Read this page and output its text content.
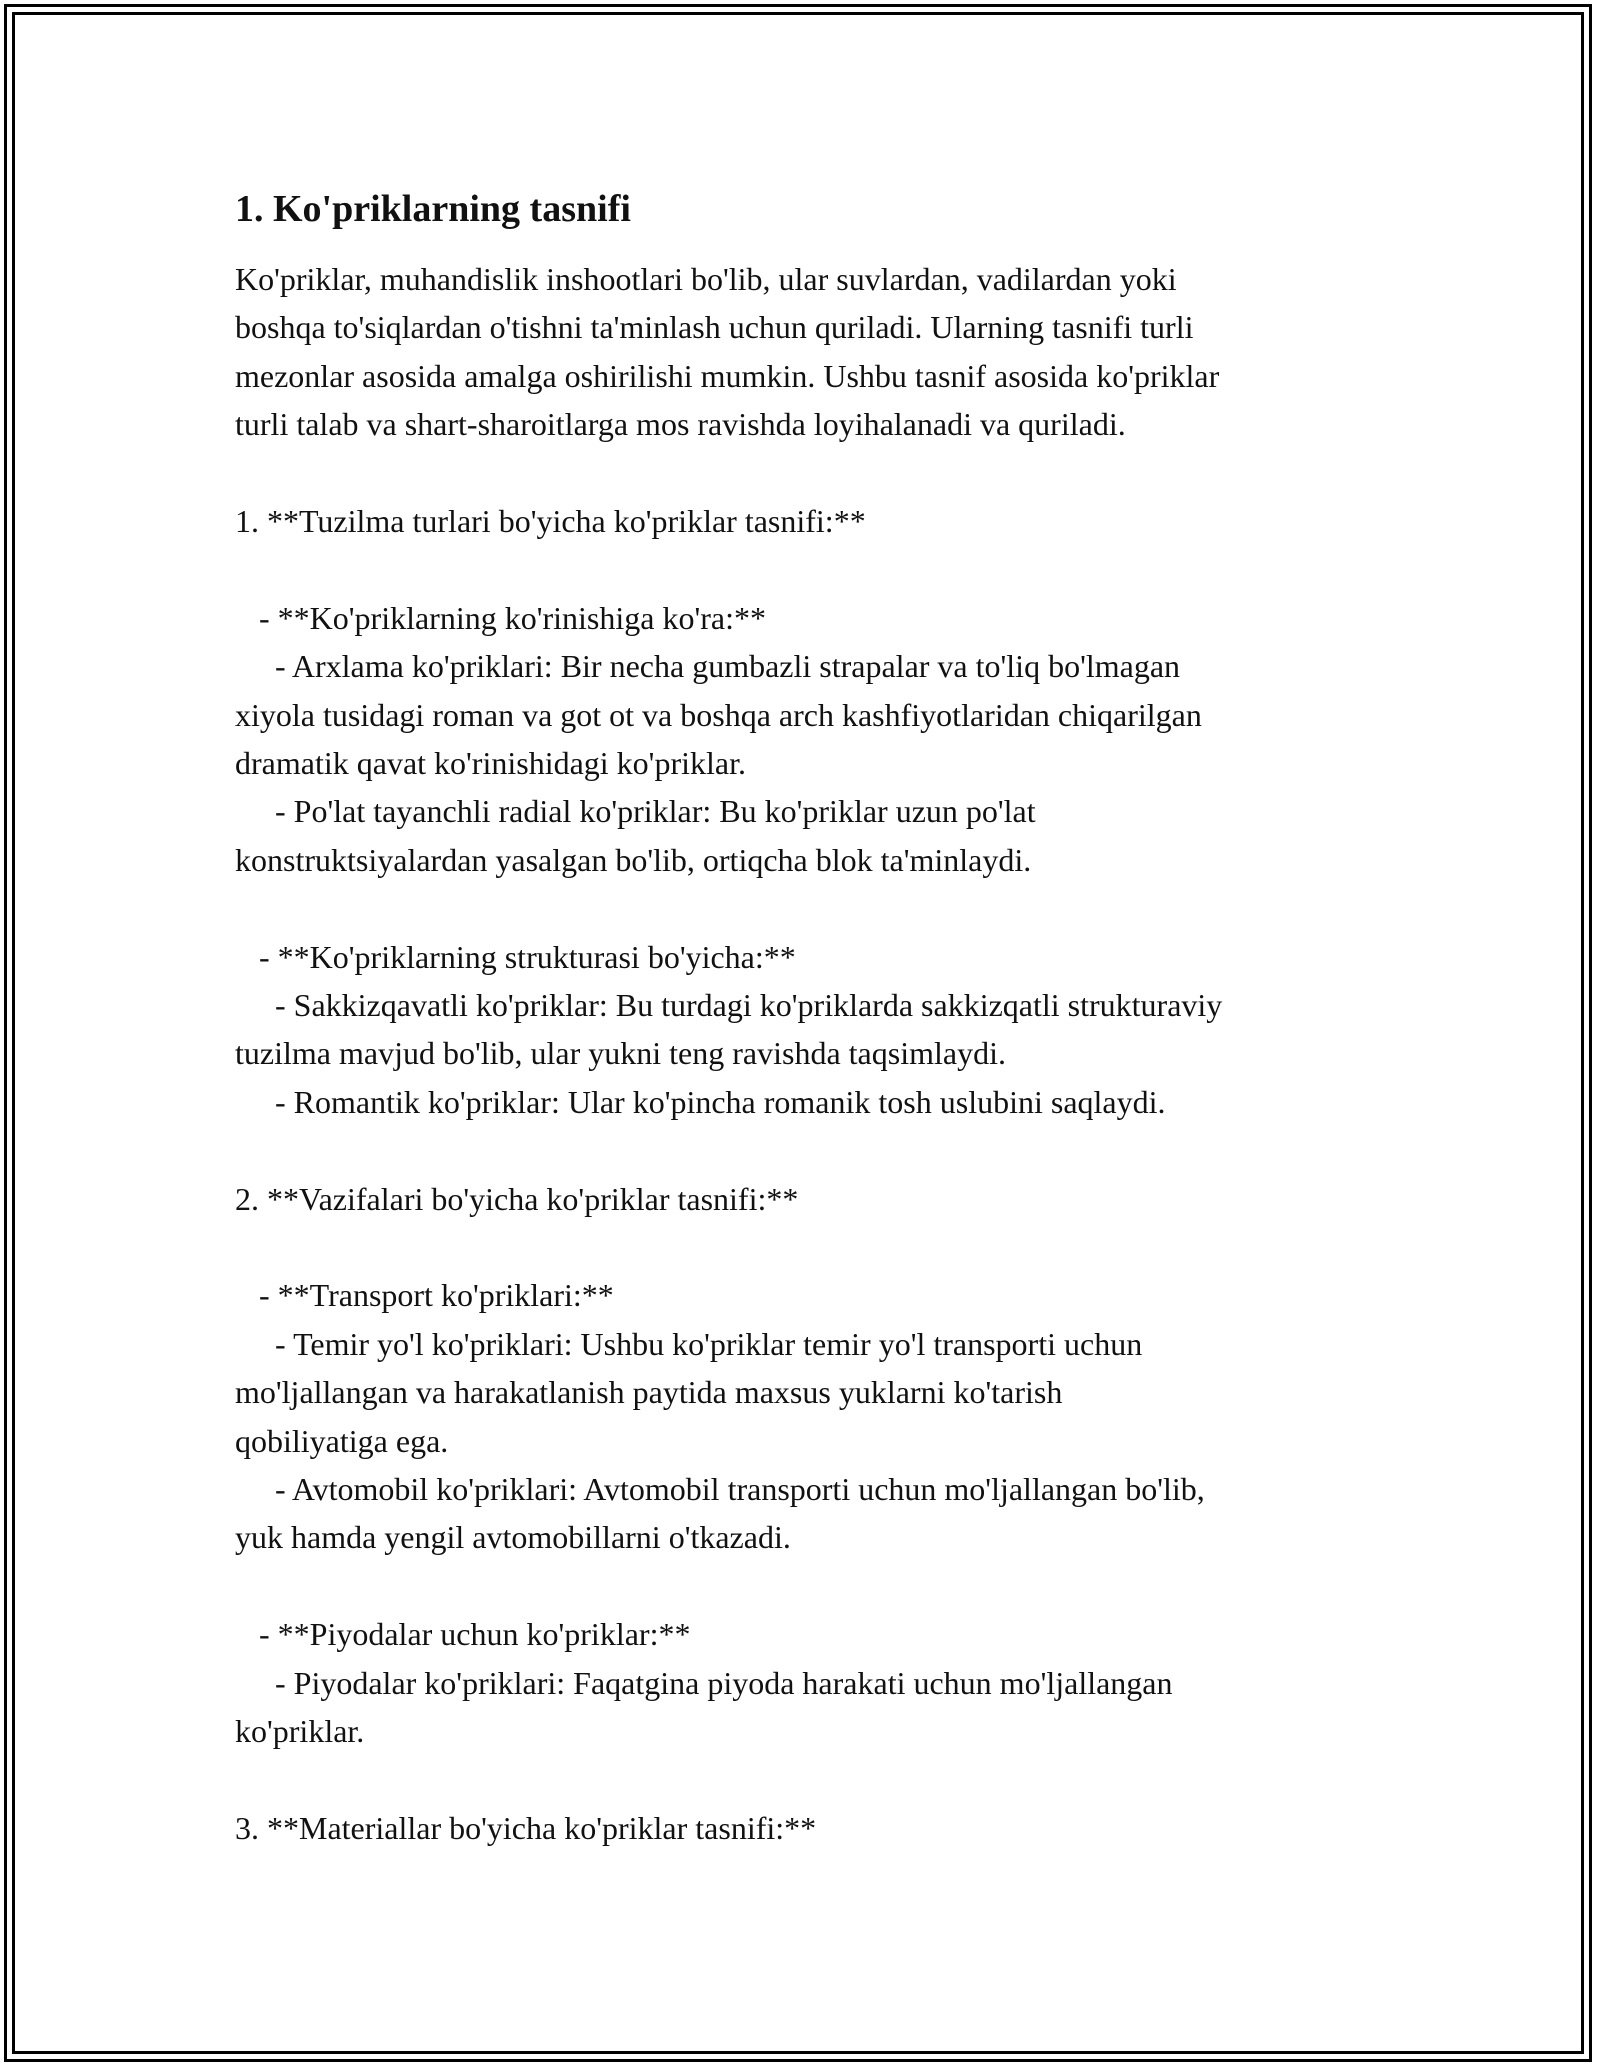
1. Ko'priklarning tasnifi
Ko'priklar, muhandislik inshootlari bo'lib, ular suvlardan, vadilardan yoki
boshqa to'siqlardan o'tishni ta'minlash uchun quriladi. Ularning tasnifi turli
mezonlar asosida amalga oshirilishi mumkin. Ushbu tasnif asosida ko'priklar
turli talab va shart-sharoitlarga mos ravishda loyihalanadi va quriladi.
1. **Tuzilma turlari bo'yicha ko'priklar tasnifi:**
- **Ko'priklarning ko'rinishiga ko'ra:**
- Arxlama ko'priklari: Bir necha gumbazli strapalar va to'liq bo'lmagan
xiyola tusidagi roman va got ot va boshqa arch kashfiyotlaridan chiqarilgan
dramatik qavat ko'rinishidagi ko'priklar.
- Po'lat tayanchli radial ko'priklar: Bu ko'priklar uzun po'lat
konstruktsiyalardan yasalgan bo'lib, ortiqcha blok ta'minlaydi.
- **Ko'priklarning strukturasi bo'yicha:**
- Sakkizqavatli ko'priklar: Bu turdagi ko'priklarda sakkizqatli strukturaviy
tuzilma mavjud bo'lib, ular yukni teng ravishda taqsimlaydi.
- Romantik ko'priklar: Ular ko'pincha romanik tosh uslubini saqlaydi.
2. **Vazifalari bo'yicha ko'priklar tasnifi:**
- **Transport ko'priklari:**
- Temir yo'l ko'priklari: Ushbu ko'priklar temir yo'l transporti uchun
mo'ljallangan va harakatlanish paytida maxsus yuklarni ko'tarish
qobiliyatiga ega.
- Avtomobil ko'priklari: Avtomobil transporti uchun mo'ljallangan bo'lib,
yuk hamda yengil avtomobillarni o'tkazadi.
- **Piyodalar uchun ko'priklar:**
- Piyodalar ko'priklari: Faqatgina piyoda harakati uchun mo'ljallangan
ko'priklar.
3. **Materiallar bo'yicha ko'priklar tasnifi:**
